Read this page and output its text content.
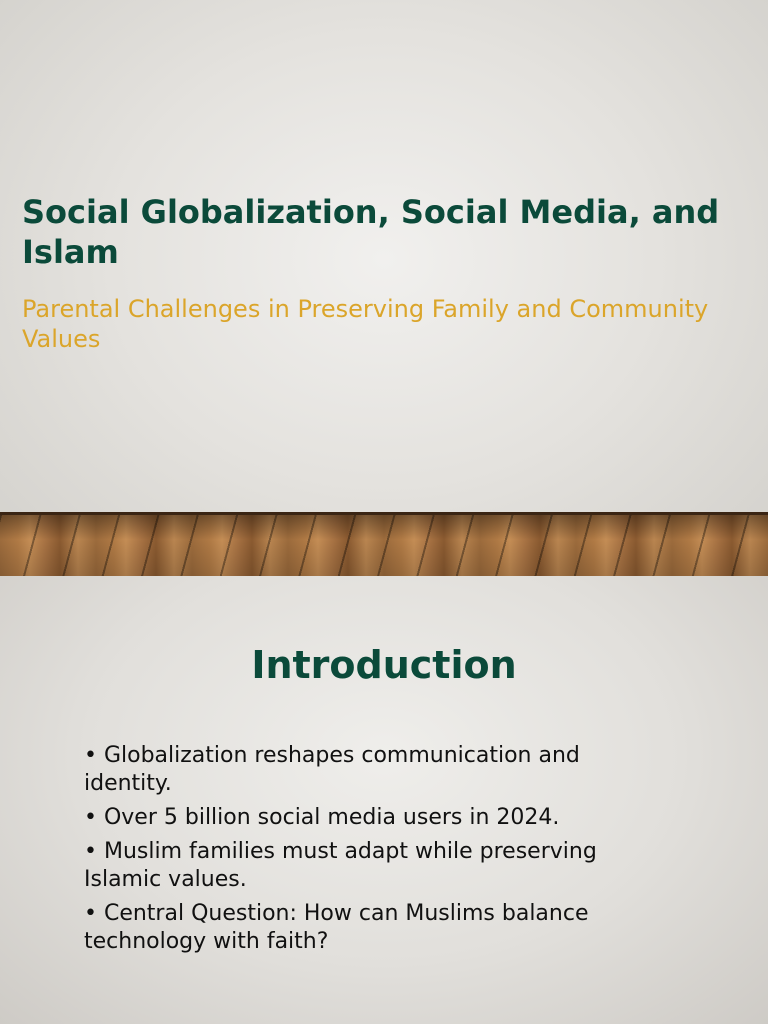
Social Globalization, Social Media, and Islam

Parental Challenges in Preserving Family and Community Values

Introduction
• Globalization reshapes communication and identity.
• Over 5 billion social media users in 2024.
• Muslim families must adapt while preserving Islamic values.
• Central Question: How can Muslims balance technology with faith?
